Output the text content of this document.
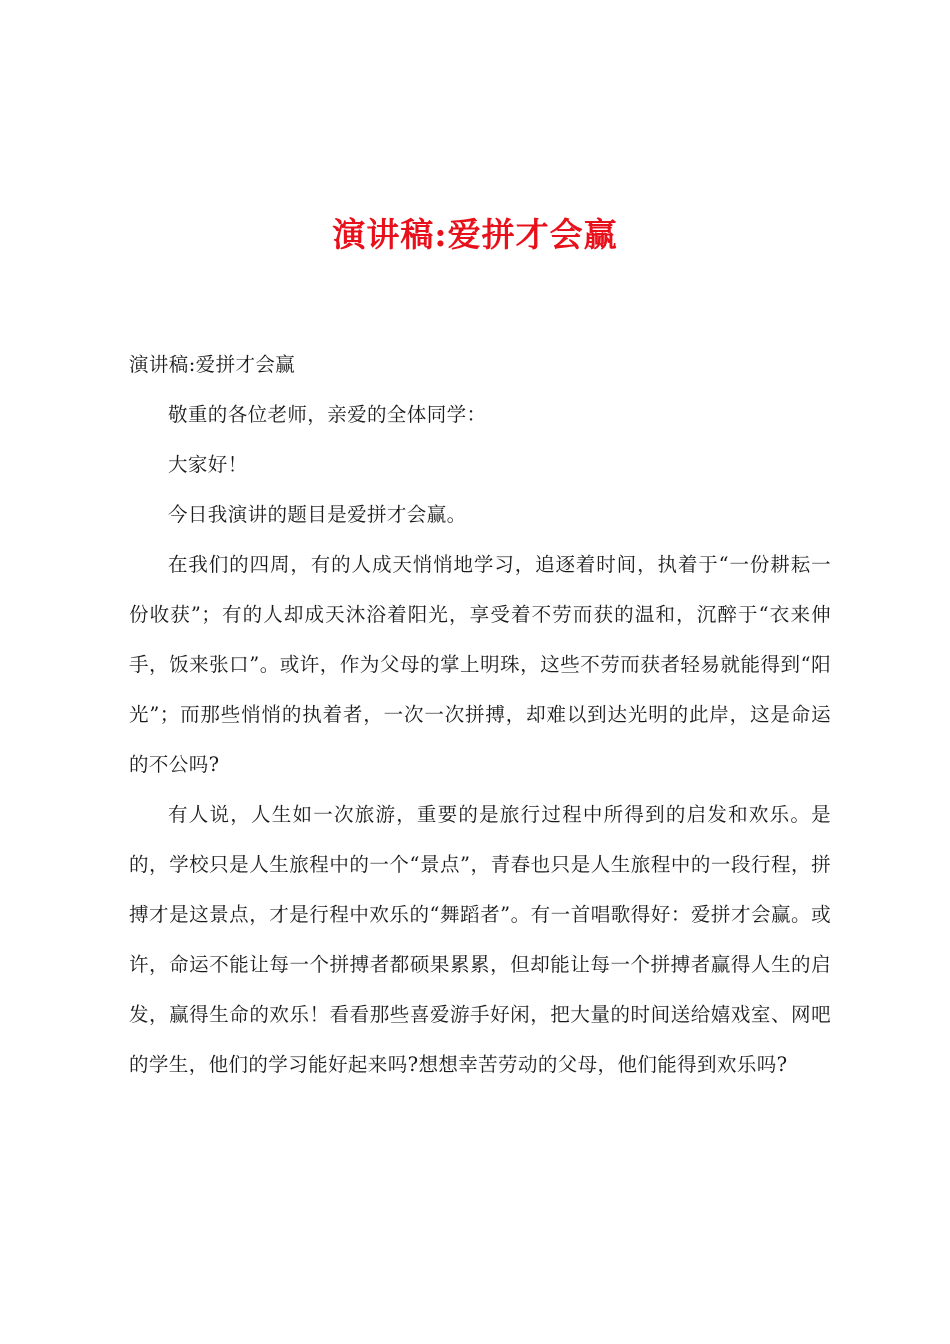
演讲稿:爱拼才会赢

演讲稿:爱拼才会赢

敬重的各位老师，亲爱的全体同学：

大家好！

今日我演讲的题目是爱拼才会赢。

在我们的四周，有的人成天悄悄地学习，追逐着时间，执着于“一份耕耘一份收获”；有的人却成天沐浴着阳光，享受着不劳而获的温和，沉醉于“衣来伸手，饭来张口”。或许，作为父母的掌上明珠，这些不劳而获者轻易就能得到“阳光”；而那些悄悄的执着者，一次一次拼搏，却难以到达光明的此岸，这是命运的不公吗?

有人说，人生如一次旅游，重要的是旅行过程中所得到的启发和欢乐。是的，学校只是人生旅程中的一个“景点”，青春也只是人生旅程中的一段行程，拼搏才是这景点，才是行程中欢乐的“舞蹈者”。有一首唱歌得好：爱拼才会赢。或许，命运不能让每一个拼搏者都硕果累累，但却能让每一个拼搏者赢得人生的启发，赢得生命的欢乐！看看那些喜爱游手好闲，把大量的时间送给嬉戏室、网吧的学生，他们的学习能好起来吗?想想幸苦劳动的父母，他们能得到欢乐吗?
